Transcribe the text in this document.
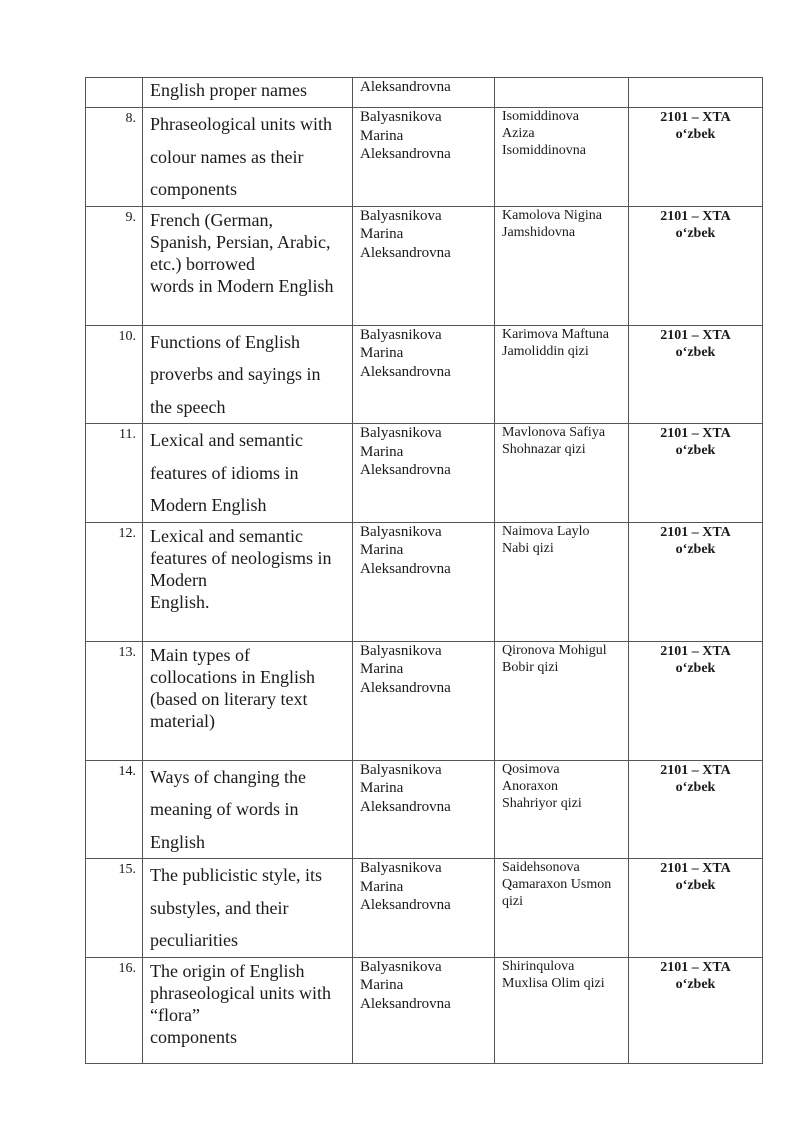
	English proper names	Aleksandrovna		
8.	Phraseological units with
colour names as their
components	Balyasnikova
Marina
Aleksandrovna	Isomiddinova
Aziza
Isomiddinovna	2101 – XTA
o‘zbek

9.	French (German,
Spanish, Persian, Arabic,
etc.) borrowed
words in Modern English	Balyasnikova
Marina
Aleksandrovna	Kamolova Nigina
Jamshidovna	2101 – XTA
o‘zbek

10.	Functions of English
proverbs and sayings in
the speech	Balyasnikova
Marina
Aleksandrovna	Karimova Maftuna
Jamoliddin qizi	2101 – XTA
o‘zbek

11.	Lexical and semantic
features of idioms in
Modern English	Balyasnikova
Marina
Aleksandrovna	Mavlonova Safiya
Shohnazar qizi	2101 – XTA
o‘zbek

12.	Lexical and semantic
features of neologisms in
Modern
English.	Balyasnikova
Marina
Aleksandrovna	Naimova Laylo
Nabi qizi	2101 – XTA
o‘zbek

13.	Main types of
collocations in English
(based on literary text
material)	Balyasnikova
Marina
Aleksandrovna	Qironova Mohigul
Bobir qizi	2101 – XTA
o‘zbek

14.	Ways of changing the
meaning of words in
English	Balyasnikova
Marina
Aleksandrovna	Qosimova
Anoraxon
Shahriyor qizi	2101 – XTA
o‘zbek

15.	The publicistic style, its
substyles, and their
peculiarities	Balyasnikova
Marina
Aleksandrovna	Saidehsonova
Qamaraxon Usmon
qizi	2101 – XTA
o‘zbek

16.	The origin of English
phraseological units with
“flora”
components	Balyasnikova
Marina
Aleksandrovna	Shirinqulova
Muxlisa Olim qizi	2101 – XTA
o‘zbek
